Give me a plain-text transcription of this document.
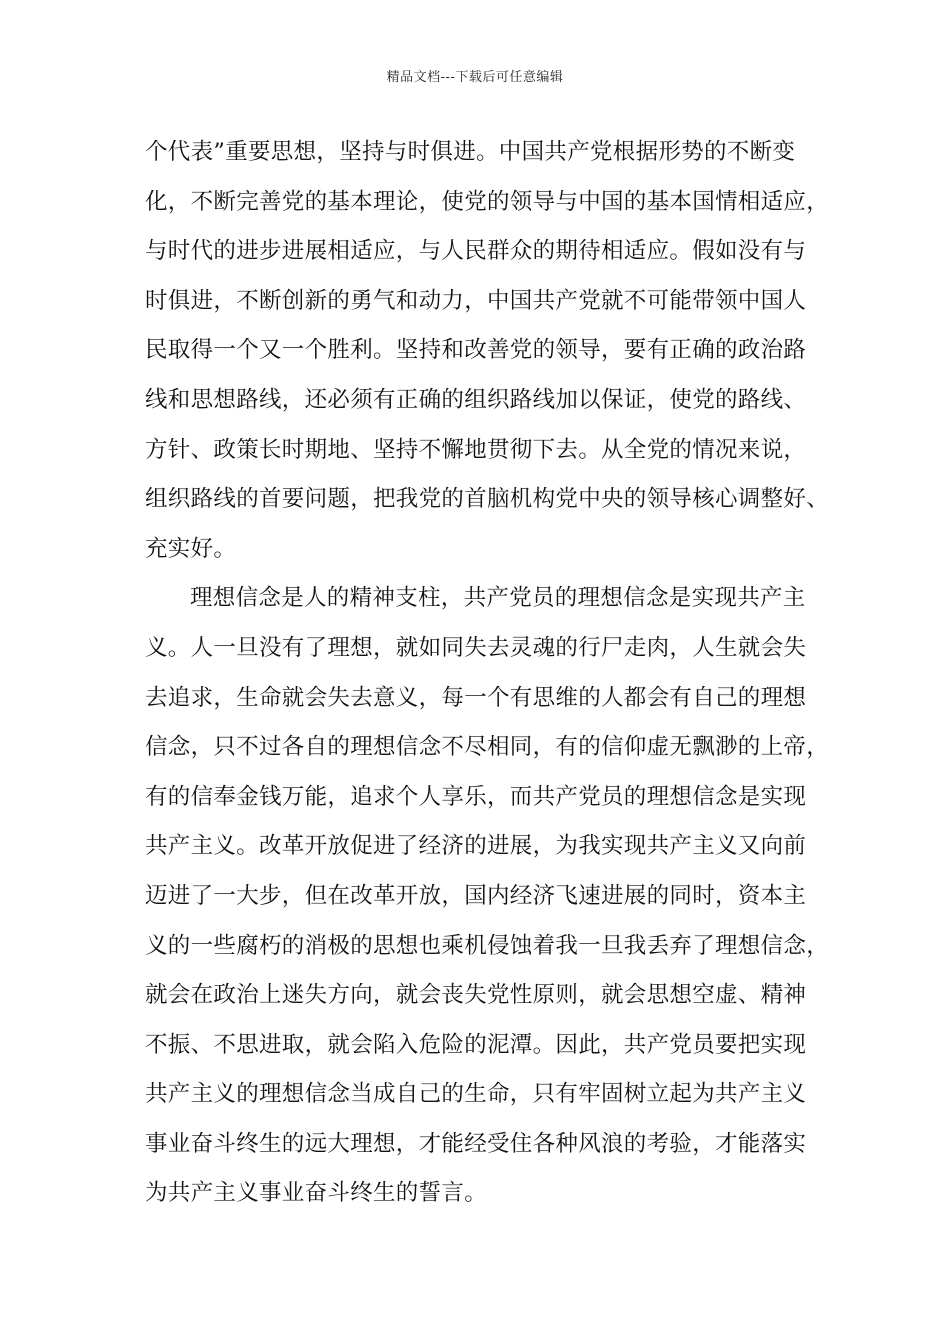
精品文档---下载后可任意编辑
个代表”重要思想，坚持与时俱进。中国共产党根据形势的不断变
化，不断完善党的基本理论，使党的领导与中国的基本国情相适应，
与时代的进步进展相适应，与人民群众的期待相适应。假如没有与
时俱进，不断创新的勇气和动力，中国共产党就不可能带领中国人
民取得一个又一个胜利。坚持和改善党的领导，要有正确的政治路
线和思想路线，还必须有正确的组织路线加以保证，使党的路线、
方针、政策长时期地、坚持不懈地贯彻下去。从全党的情况来说，
组织路线的首要问题，把我党的首脑机构党中央的领导核心调整好、
充实好。
理想信念是人的精神支柱，共产党员的理想信念是实现共产主
义。人一旦没有了理想，就如同失去灵魂的行尸走肉，人生就会失
去追求，生命就会失去意义，每一个有思维的人都会有自己的理想
信念，只不过各自的理想信念不尽相同，有的信仰虚无飘渺的上帝，
有的信奉金钱万能，追求个人享乐，而共产党员的理想信念是实现
共产主义。改革开放促进了经济的进展，为我实现共产主义又向前
迈进了一大步，但在改革开放，国内经济飞速进展的同时，资本主
义的一些腐朽的消极的思想也乘机侵蚀着我一旦我丢弃了理想信念，
就会在政治上迷失方向，就会丧失党性原则，就会思想空虚、精神
不振、不思进取，就会陷入危险的泥潭。因此，共产党员要把实现
共产主义的理想信念当成自己的生命，只有牢固树立起为共产主义
事业奋斗终生的远大理想，才能经受住各种风浪的考验，才能落实
为共产主义事业奋斗终生的誓言。
